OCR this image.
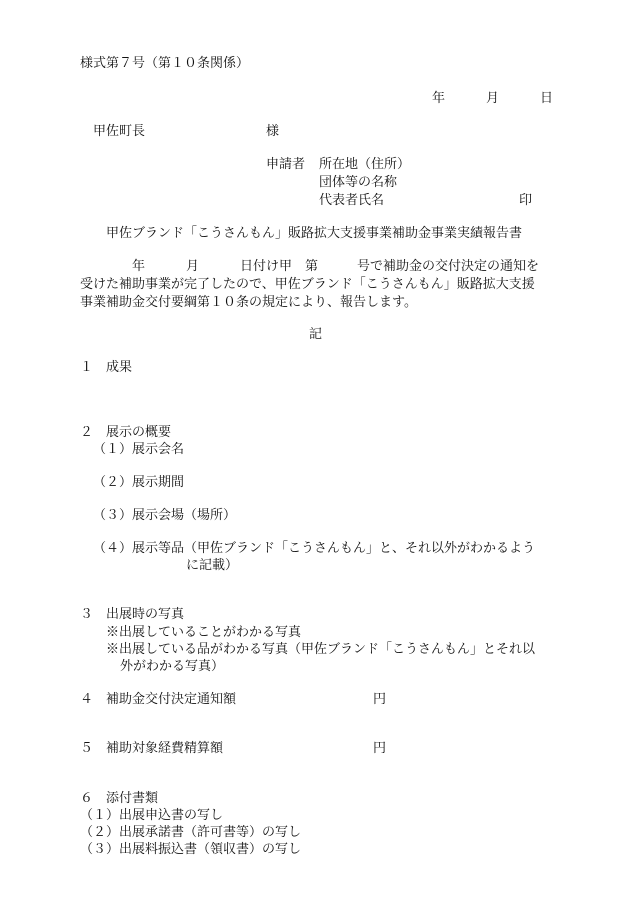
様式第７号（第１０条関係）
年	月	日
甲佐町長	様
申請者 所在地（住所）
団体等の名称
代表者氏名	印
甲佐ブランド「こうさんもん」販路拡大支援事業補助金事業実績報告書
年	月	日付け甲　第　　　号で補助金の交付決定の通知を
受けた補助事業が完了したので、甲佐ブランド「こうさんもん」販路拡大支援
事業補助金交付要綱第１０条の規定により、報告します。
記
１ 成果
２ 展示の概要
（１）展示会名
（２）展示期間
（３）展示会場（場所）
（４）展示等品（甲佐ブランド「こうさんもん」と、それ以外がわかるよう
に記載）
３ 出展時の写真
※出展していることがわかる写真
※出展している品がわかる写真（甲佐ブランド「こうさんもん」とそれ以
外がわかる写真）
４ 補助金交付決定通知額	円
５ 補助対象経費精算額	円
６ 添付書類
（１）出展申込書の写し
（２）出展承諾書（許可書等）の写し
（３）出展料振込書（領収書）の写し
